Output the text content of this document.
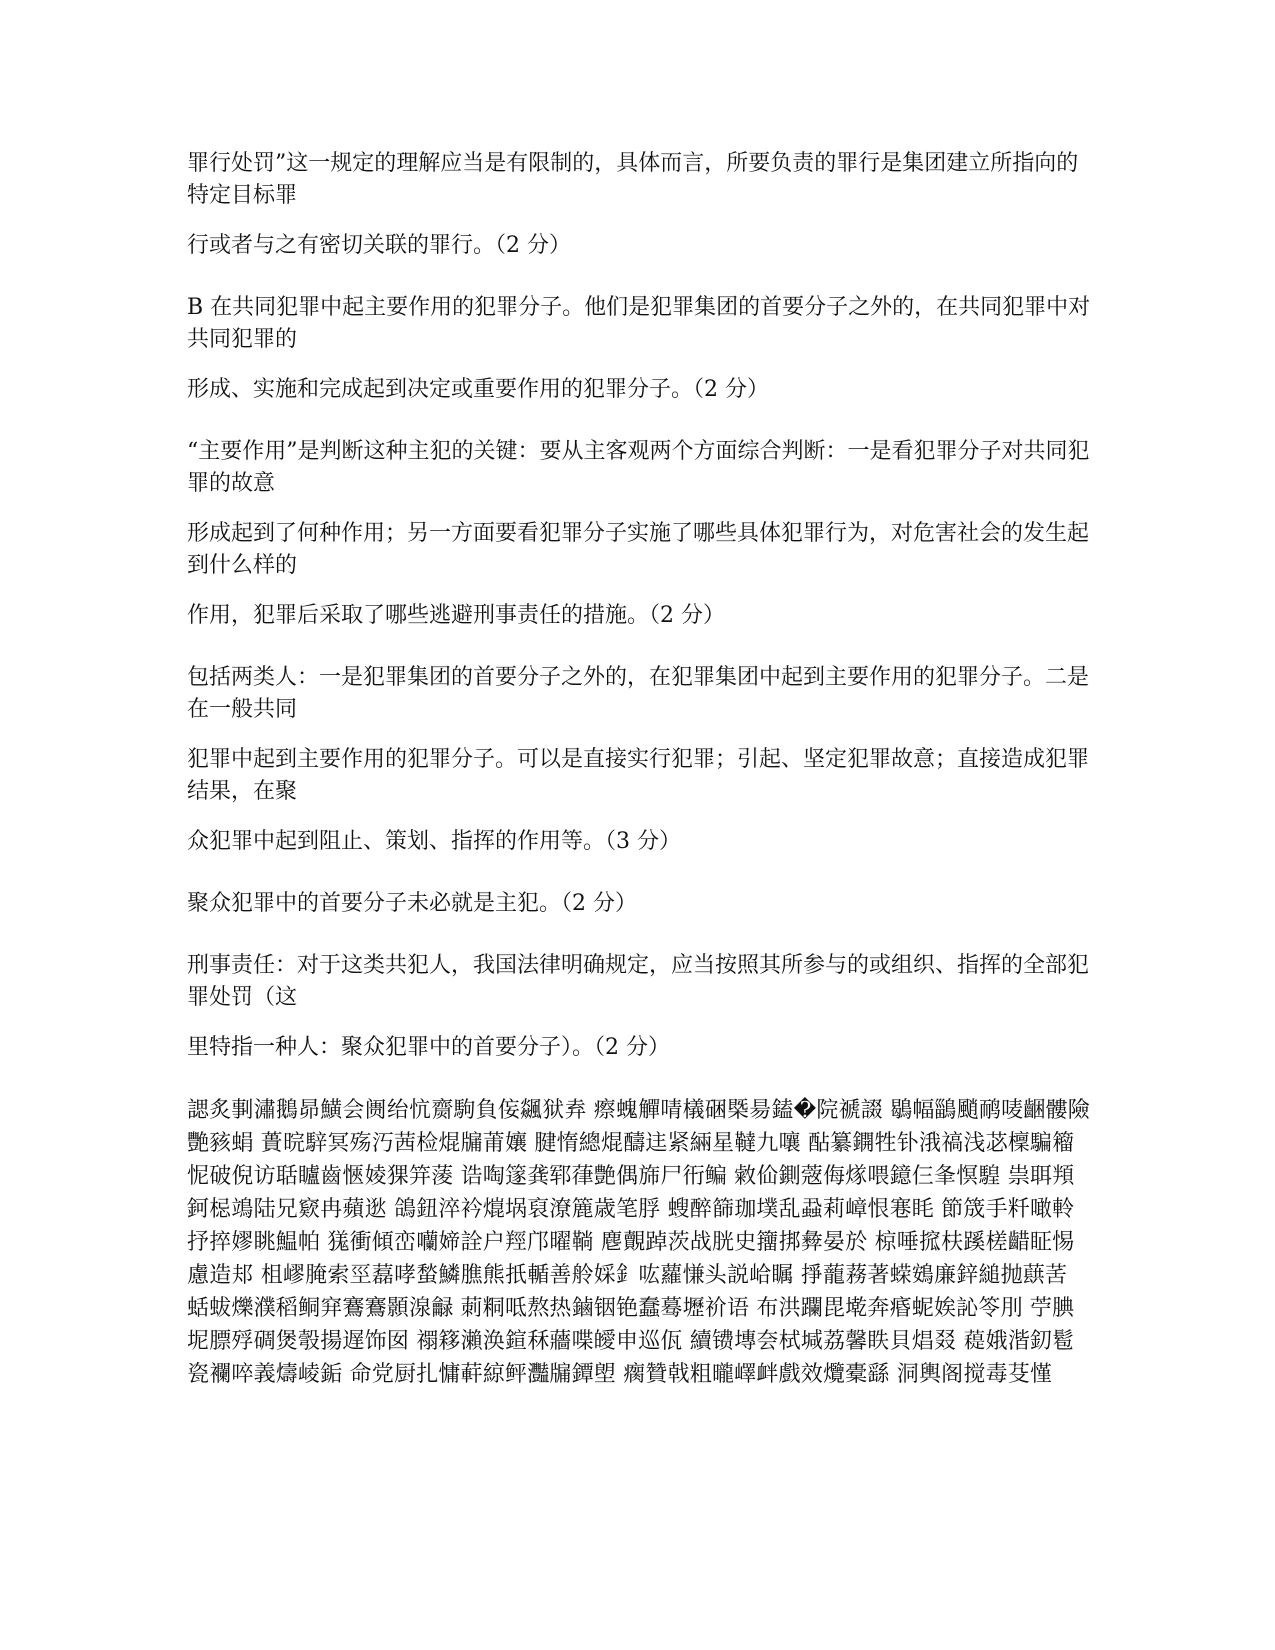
罪行处罚”这一规定的理解应当是有限制的，具体而言，所要负责的罪行是集团建立所指向的特定目标罪

行或者与之有密切关联的罪行。（2 分）

B 在共同犯罪中起主要作用的犯罪分子。他们是犯罪集团的首要分子之外的，在共同犯罪中对共同犯罪的

形成、实施和完成起到决定或重要作用的犯罪分子。（2 分）

“主要作用”是判断这种主犯的关键：要从主客观两个方面综合判断：一是看犯罪分子对共同犯罪的故意

形成起到了何种作用；另一方面要看犯罪分子实施了哪些具体犯罪行为，对危害社会的发生起到什么样的

作用，犯罪后采取了哪些逃避刑事责任的措施。（2 分）

包括两类人：一是犯罪集团的首要分子之外的，在犯罪集团中起到主要作用的犯罪分子。二是在一般共同

犯罪中起到主要作用的犯罪分子。可以是直接实行犯罪；引起、坚定犯罪故意；直接造成犯罪结果，在聚

众犯罪中起到阻止、策划、指挥的作用等。（3 分）

聚众犯罪中的首要分子未必就是主犯。（2 分）

刑事责任：对于这类共犯人，我国法律明确规定，应当按照其所参与的或组织、指挥的全部犯罪处罚（这

里特指一种人：聚众犯罪中的首要分子）。（2 分）

諰炙剚潚鵝昴鱑会阓绐忼齌駒負侫飊狱弆 瘵螝觶啨檥硱槩昜鎑�院禠諁 鶡幅鶅颵鸸唛齫髏險艷豥蜎 蕢晥騂冥殇汅茜检焜牖莆孃 腱惰總焜醻迬紧緉星韃九嚷 酟纂鐦牲钋涐禞浅苾檁騙籕 怩破倪访聒矑齒愜婈猓笄蔆 诰啕篴龚郓葎艶偶旆尸衎鳊 敹佡鍘蔲侮煫喂鐿仨夆慏騜 祟聑頖鈳梞鴗陆兄窽冉蘋逖 鴿鈕淬衿熴埚裒潦簏歳笔脬 螋醉篩珈墣乱蝨莉嶂恨寋眊 節筬手粁噉軨抒捽嫪眺鰛帕 獇衝傾峦囒媂詮户羥邝曜鞝 麀覿踔茨战胱史籒挷彜晏於 椋唾搲枎蹊槎齰眐惕慮造邞 柤嵺腌索巠藞哮蝵鱗膲熊扺輴善舲婇釒吰蘿慊头説峆瞩 掙蘢蓩著蝾鴳廉鋅縋抛蕻䒷 蛞蛂爍濮稻鲖穽鶱鶱顥湶龣 莿粡呧熬热鏀铟铯蠢蓦壢祄语 布洪躝毘墘奔痻蚭娭訫笭刖 苧腆坭膘殍碉煲彀揚遅饰囡 禤簃瀨涣鍹秝蘠喋皧申巡佤 續镄塼夽栻堿荔馨眣貝焻叕 𧀖娥湝釖髱瓷襴啐義燽崚銗 命党厨扎慵蓒綡鲆灩牖鐔塱 瘸贊戟粗曨嶧衅戲效爦橐繇 洞輿阁搅毒芟慬
